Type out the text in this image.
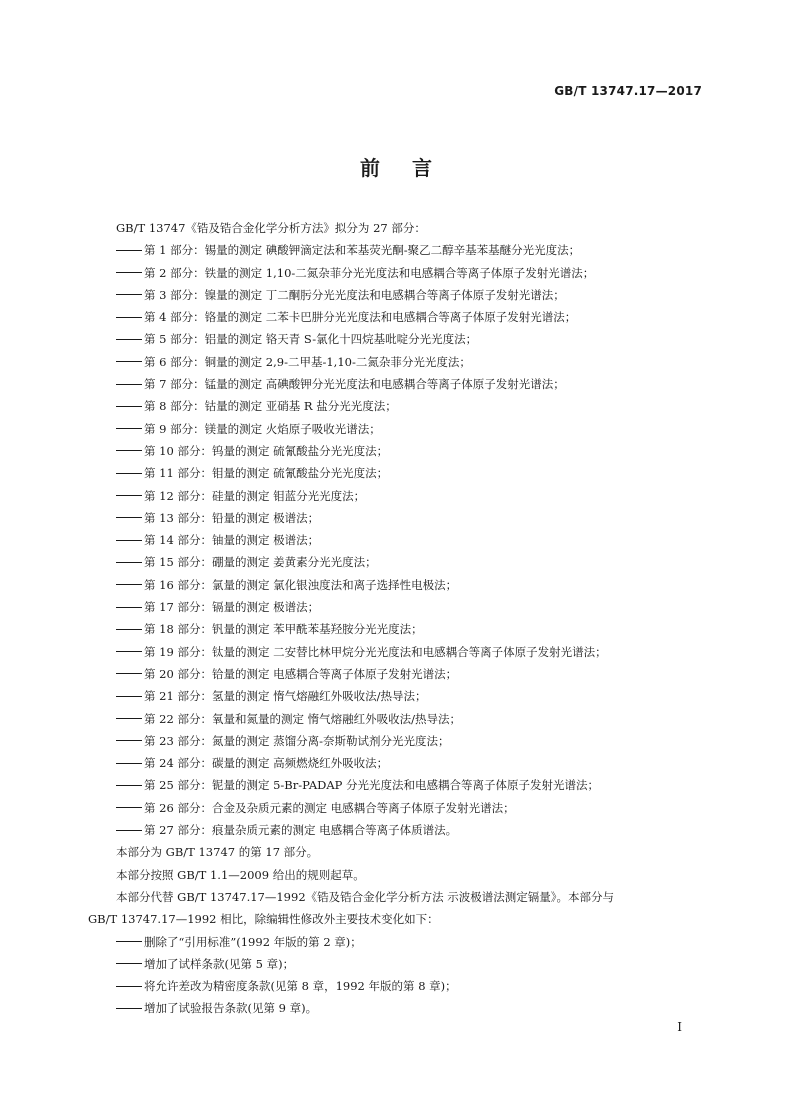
GB/T 13747.17—2017
前 言
GB/T 13747《锆及锆合金化学分析方法》拟分为 27 部分：
第 1 部分：锡量的测定 碘酸钾滴定法和苯基荧光酮-聚乙二醇辛基苯基醚分光光度法；
第 2 部分：铁量的测定 1,10-二氮杂菲分光光度法和电感耦合等离子体原子发射光谱法；
第 3 部分：镍量的测定 丁二酮肟分光光度法和电感耦合等离子体原子发射光谱法；
第 4 部分：铬量的测定 二苯卡巴肼分光光度法和电感耦合等离子体原子发射光谱法；
第 5 部分：铝量的测定 铬天青 S-氯化十四烷基吡啶分光光度法；
第 6 部分：铜量的测定 2,9-二甲基-1,10-二氮杂菲分光光度法；
第 7 部分：锰量的测定 高碘酸钾分光光度法和电感耦合等离子体原子发射光谱法；
第 8 部分：钴量的测定 亚硝基 R 盐分光光度法；
第 9 部分：镁量的测定 火焰原子吸收光谱法；
第 10 部分：钨量的测定 硫氰酸盐分光光度法；
第 11 部分：钼量的测定 硫氰酸盐分光光度法；
第 12 部分：硅量的测定 钼蓝分光光度法；
第 13 部分：铅量的测定 极谱法；
第 14 部分：铀量的测定 极谱法；
第 15 部分：硼量的测定 姜黄素分光光度法；
第 16 部分：氯量的测定 氯化银浊度法和离子选择性电极法；
第 17 部分：镉量的测定 极谱法；
第 18 部分：钒量的测定 苯甲酰苯基羟胺分光光度法；
第 19 部分：钛量的测定 二安替比林甲烷分光光度法和电感耦合等离子体原子发射光谱法；
第 20 部分：铪量的测定 电感耦合等离子体原子发射光谱法；
第 21 部分：氢量的测定 惰气熔融红外吸收法/热导法；
第 22 部分：氧量和氮量的测定 惰气熔融红外吸收法/热导法；
第 23 部分：氮量的测定 蒸馏分离-奈斯勒试剂分光光度法；
第 24 部分：碳量的测定 高频燃烧红外吸收法；
第 25 部分：铌量的测定 5-Br-PADAP 分光光度法和电感耦合等离子体原子发射光谱法；
第 26 部分：合金及杂质元素的测定 电感耦合等离子体原子发射光谱法；
第 27 部分：痕量杂质元素的测定 电感耦合等离子体质谱法。
本部分为 GB/T 13747 的第 17 部分。
本部分按照 GB/T 1.1—2009 给出的规则起草。
本部分代替 GB/T 13747.17—1992《锆及锆合金化学分析方法 示波极谱法测定镉量》。本部分与
GB/T 13747.17—1992 相比，除编辑性修改外主要技术变化如下：
删除了“引用标准”(1992 年版的第 2 章)；
增加了试样条款(见第 5 章)；
将允许差改为精密度条款(见第 8 章，1992 年版的第 8 章)；
增加了试验报告条款(见第 9 章)。
I
